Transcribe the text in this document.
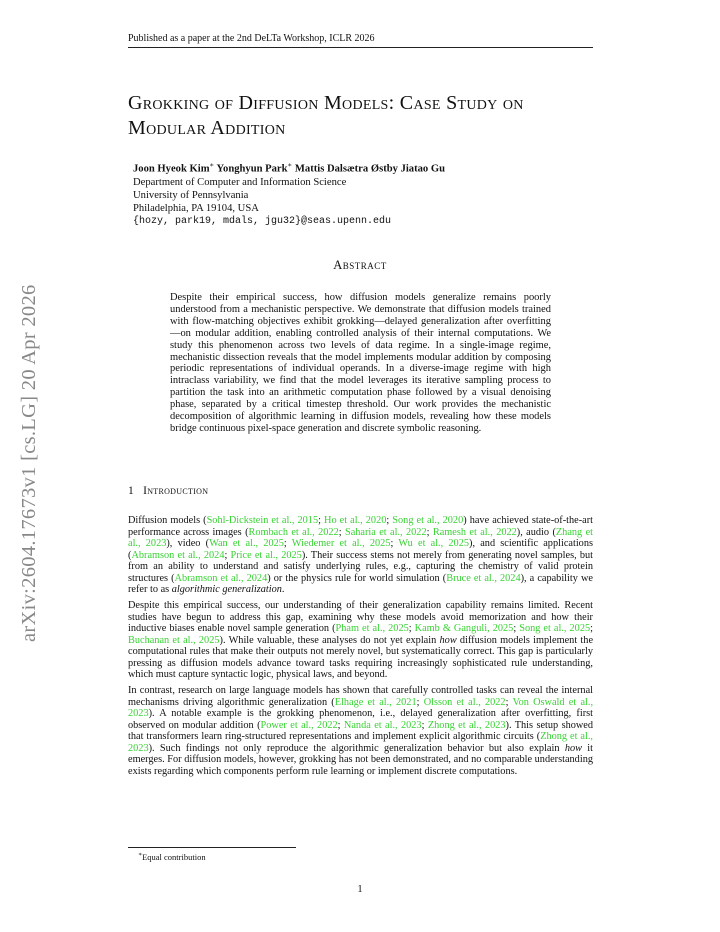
Published as a paper at the 2nd DeLTa Workshop, ICLR 2026
arXiv:2604.17673v1 [cs.LG] 20 Apr 2026
Grokking of Diffusion Models: Case Study on
Modular Addition
Joon Hyeok Kim∗ Yonghyun Park∗ Mattis Dalsætra Østby Jiatao Gu
Department of Computer and Information Science
University of Pennsylvania
Philadelphia, PA 19104, USA
{hozy, park19, mdals, jgu32}@seas.upenn.edu
Abstract

Despite their empirical success, how diffusion models generalize remains poorly understood from a mechanistic perspective. We demonstrate that diffusion models trained with flow-matching objectives exhibit grokking—delayed generalization after overfitting—on modular addition, enabling controlled analysis of their internal computations. We study this phenomenon across two levels of data regime. In a single-image regime, mechanistic dissection reveals that the model implements modular addition by composing periodic representations of individual operands. In a diverse-image regime with high intraclass variability, we find that the model leverages its iterative sampling process to partition the task into an arithmetic computation phase followed by a visual denoising phase, separated by a critical timestep threshold. Our work provides the mechanistic decomposition of algorithmic learning in diffusion models, revealing how these models bridge continuous pixel-space generation and discrete symbolic reasoning.

1 Introduction

Diffusion models (Sohl-Dickstein et al., 2015; Ho et al., 2020; Song et al., 2020) have achieved state-of-the-art performance across images (Rombach et al., 2022; Saharia et al., 2022; Ramesh et al., 2022), audio (Zhang et al., 2023), video (Wan et al., 2025; Wiedemer et al., 2025; Wu et al., 2025), and scientific applications (Abramson et al., 2024; Price et al., 2025). Their success stems not merely from generating novel samples, but from an ability to understand and satisfy underlying rules, e.g., capturing the chemistry of valid protein structures (Abramson et al., 2024) or the physics rule for world simulation (Bruce et al., 2024), a capability we refer to as algorithmic generalization.

Despite this empirical success, our understanding of their generalization capability remains limited. Recent studies have begun to address this gap, examining why these models avoid memorization and how their inductive biases enable novel sample generation (Pham et al., 2025; Kamb & Ganguli, 2025; Song et al., 2025; Buchanan et al., 2025). While valuable, these analyses do not yet explain how diffusion models implement the computational rules that make their outputs not merely novel, but systematically correct. This gap is particularly pressing as diffusion models advance toward tasks requiring increasingly sophisticated rule understanding, which must capture syntactic logic, physical laws, and beyond.

In contrast, research on large language models has shown that carefully controlled tasks can reveal the internal mechanisms driving algorithmic generalization (Elhage et al., 2021; Olsson et al., 2022; Von Oswald et al., 2023). A notable example is the grokking phenomenon, i.e., delayed generalization after overfitting, first observed on modular addition (Power et al., 2022; Nanda et al., 2023; Zhong et al., 2023). This setup showed that transformers learn ring-structured representations and implement explicit algorithmic circuits (Zhong et al., 2023). Such findings not only reproduce the algorithmic generalization behavior but also explain how it emerges. For diffusion models, however, grokking has not been demonstrated, and no comparable understanding exists regarding which components perform rule learning or implement discrete computations.

∗Equal contribution
1
